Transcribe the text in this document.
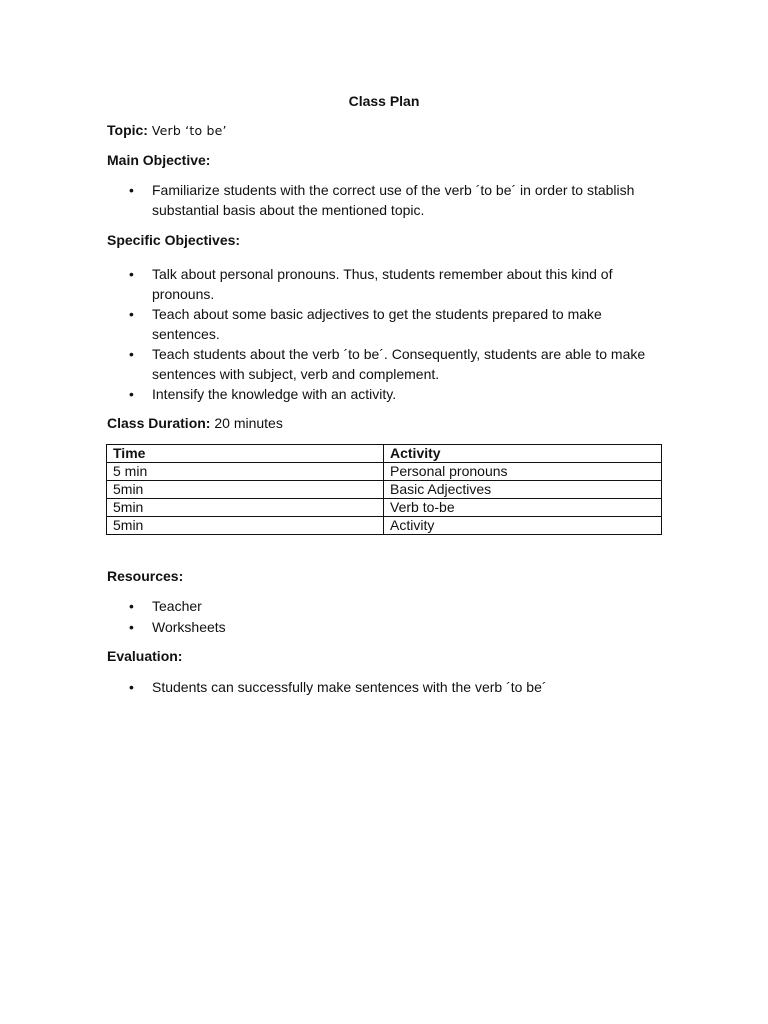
Class Plan
Topic: Verb ‘to be’
Main Objective:
• Familiarize students with the correct use of the verb ´to be´ in order to stablish substantial basis about the mentioned topic.
Specific Objectives:
• Talk about personal pronouns. Thus, students remember about this kind of pronouns.
• Teach about some basic adjectives to get the students prepared to make sentences.
• Teach students about the verb ´to be´. Consequently, students are able to make sentences with subject, verb and complement.
• Intensify the knowledge with an activity.
Class Duration: 20 minutes
Time	Activity
5 min	Personal pronouns
5min	Basic Adjectives
5min	Verb to-be
5min	Activity
Resources:
• Teacher
• Worksheets
Evaluation:
• Students can successfully make sentences with the verb ´to be´
